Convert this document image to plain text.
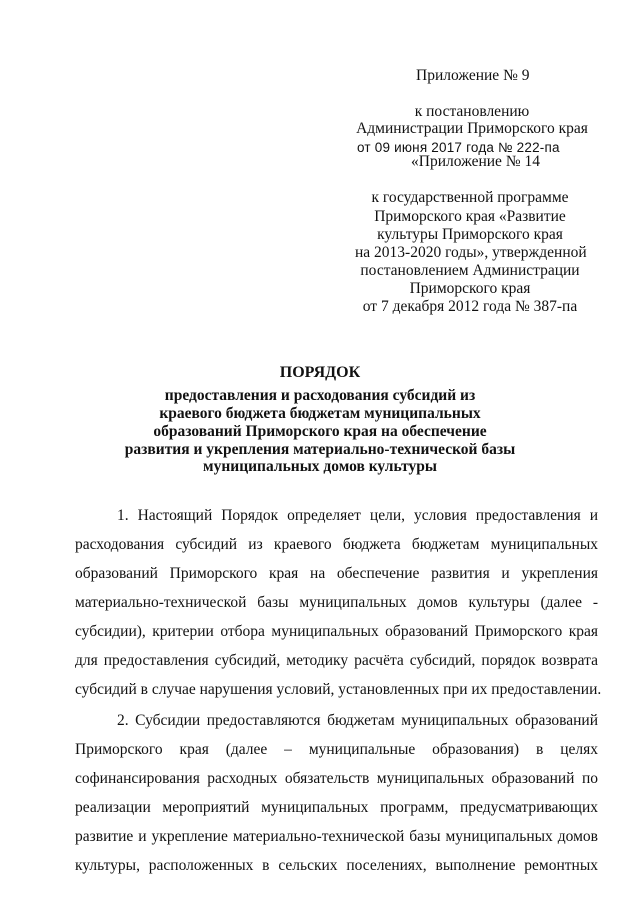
Приложение № 9
к постановлению
Администрации Приморского края
от 09 июня 2017 года № 222-па
«Приложение № 14
к государственной программе
Приморского края «Развитие
культуры Приморского края
на 2013-2020 годы», утвержденной
постановлением Администрации
Приморского края
от 7 декабря 2012 года № 387-па
ПОРЯДОК
предоставления и расходования субсидий из
краевого бюджета бюджетам муниципальных
образований Приморского края на обеспечение
развития и укрепления материально-технической базы
муниципальных домов культуры
1. Настоящий Порядок определяет цели, условия предоставления и
расходования субсидий из краевого бюджета бюджетам муниципальных
образований Приморского края на обеспечение развития и укрепления
материально-технической базы муниципальных домов культуры (далее -
субсидии), критерии отбора муниципальных образований Приморского края
для предоставления субсидий, методику расчёта субсидий, порядок возврата
субсидий в случае нарушения условий, установленных при их предоставлении.
2. Субсидии предоставляются бюджетам муниципальных образований
Приморского края (далее – муниципальные образования) в целях
софинансирования расходных обязательств муниципальных образований по
реализации мероприятий муниципальных программ, предусматривающих
развитие и укрепление материально-технической базы муниципальных домов
культуры, расположенных в сельских поселениях, выполнение ремонтных
